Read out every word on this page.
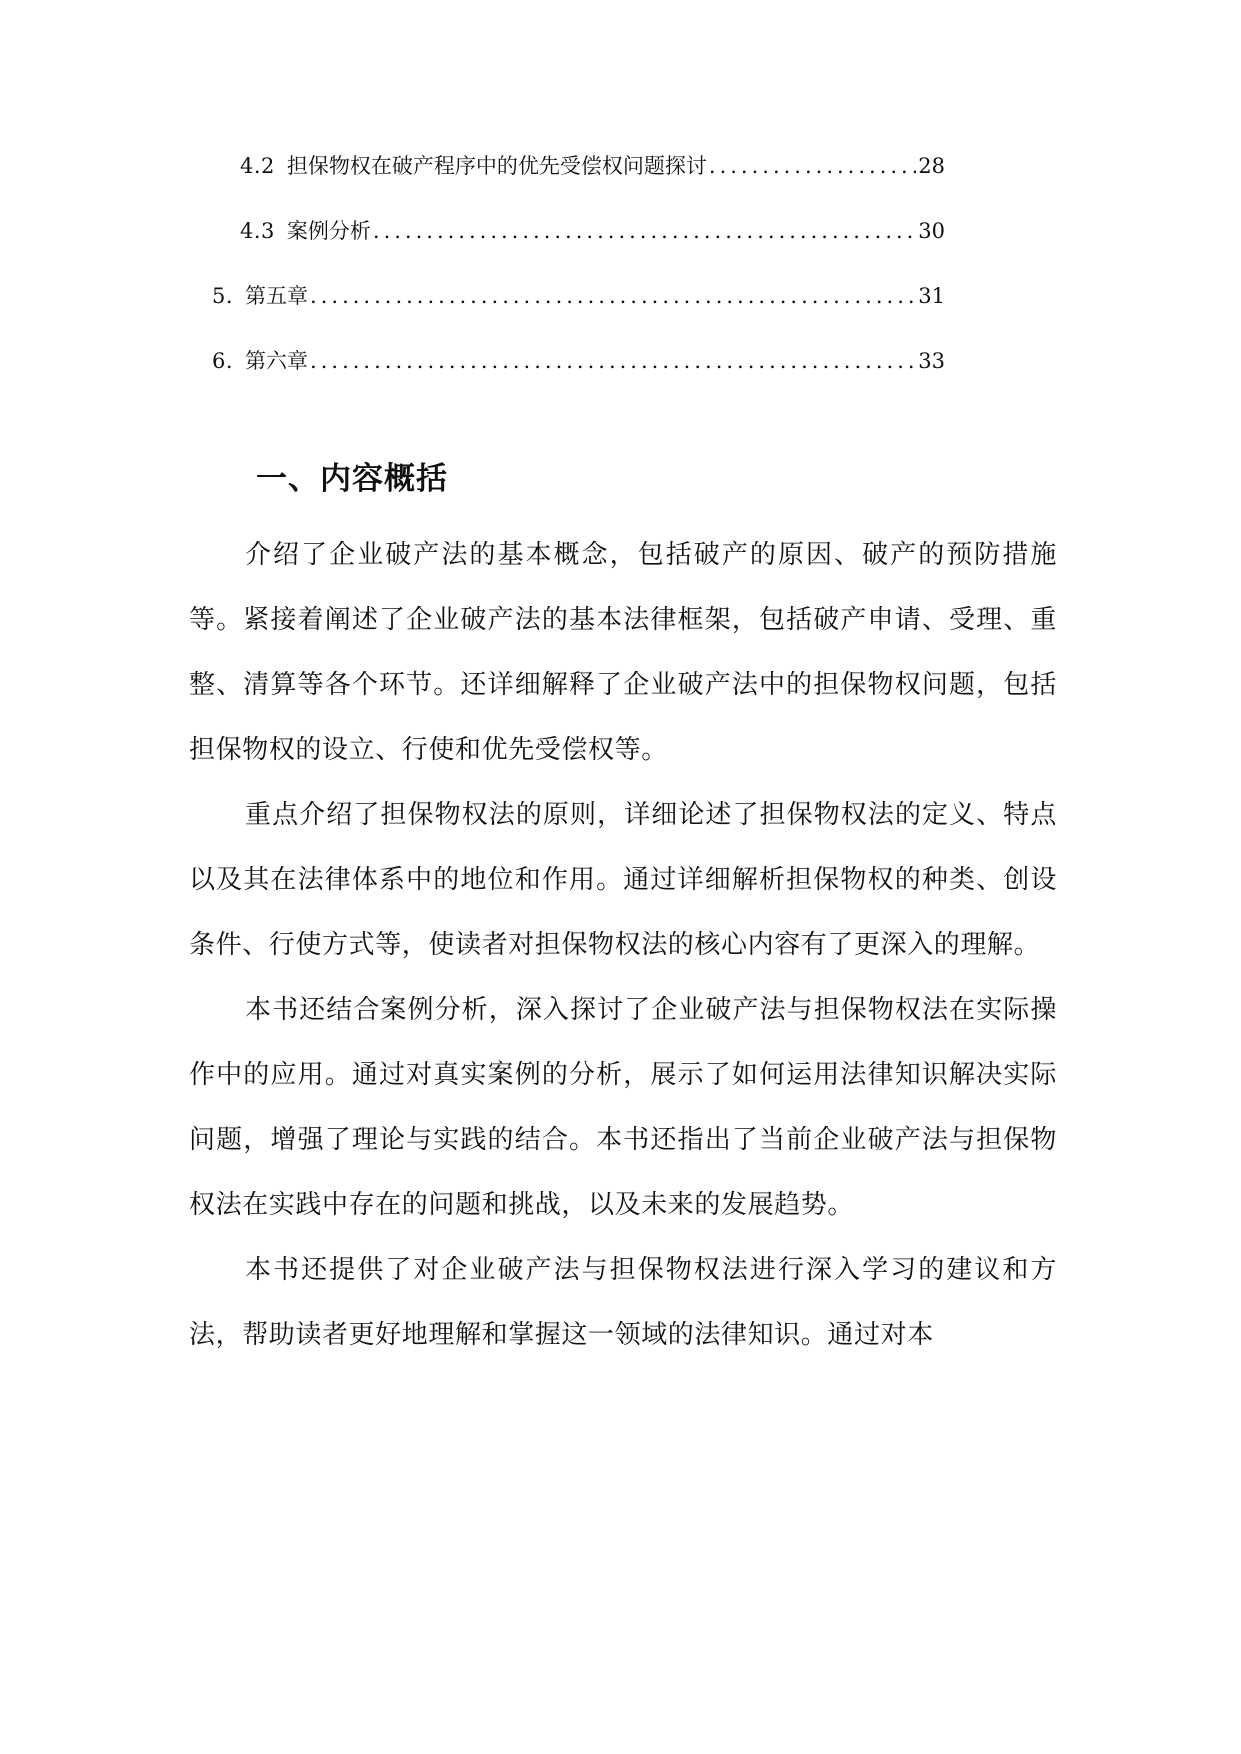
4.2 担保物权在破产程序中的优先受偿权问题探讨 .....	28
4.3 案例分析 .....	30
5. 第五章 .....	31
6. 第六章 .....	33
一、内容概括

介绍了企业破产法的基本概念，包括破产的原因、破产的预防措施等。紧接着阐述了企业破产法的基本法律框架，包括破产申请、受理、重整、清算等各个环节。还详细解释了企业破产法中的担保物权问题，包括担保物权的设立、行使和优先受偿权等。

重点介绍了担保物权法的原则，详细论述了担保物权法的定义、特点以及其在法律体系中的地位和作用。通过详细解析担保物权的种类、创设条件、行使方式等，使读者对担保物权法的核心内容有了更深入的理解。

本书还结合案例分析，深入探讨了企业破产法与担保物权法在实际操作中的应用。通过对真实案例的分析，展示了如何运用法律知识解决实际问题，增强了理论与实践的结合。本书还指出了当前企业破产法与担保物权法在实践中存在的问题和挑战，以及未来的发展趋势。

本书还提供了对企业破产法与担保物权法进行深入学习的建议和方法，帮助读者更好地理解和掌握这一领域的法律知识。通过对本
